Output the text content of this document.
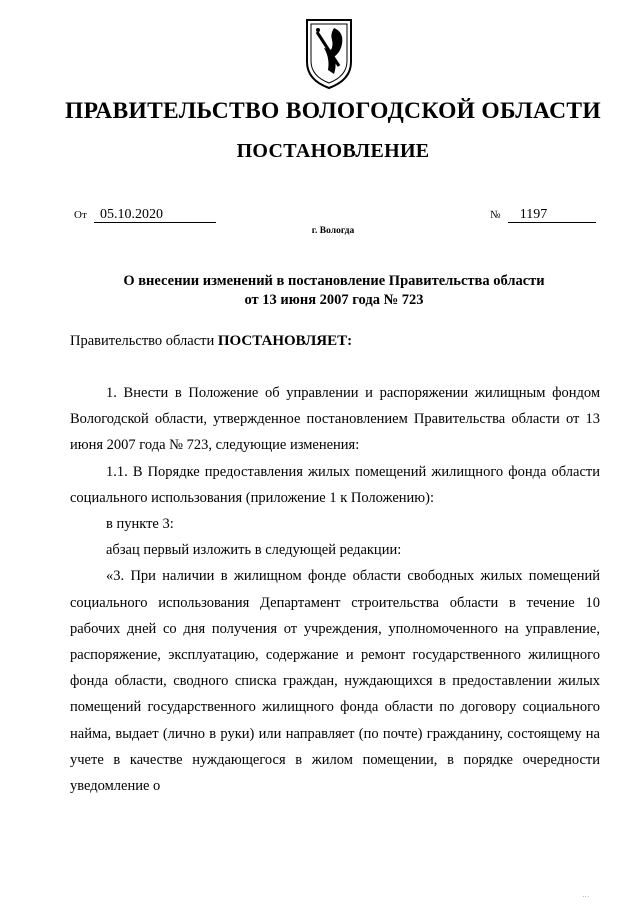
ПРАВИТЕЛЬСТВО ВОЛОГОДСКОЙ ОБЛАСТИ
ПОСТАНОВЛЕНИЕ
От 05.10.2020	№ 1197
г. Вологда
О внесении изменений в постановление Правительства области
от 13 июня 2007 года № 723
Правительство области ПОСТАНОВЛЯЕТ:

1. Внести в Положение об управлении и распоряжении жилищным фондом Вологодской области, утвержденное постановлением Правительства области от 13 июня 2007 года № 723, следующие изменения:

1.1. В Порядке предоставления жилых помещений жилищного фонда области социального использования (приложение 1 к Положению):

в пункте 3:

абзац первый изложить в следующей редакции:

«3. При наличии в жилищном фонде области свободных жилых помещений социального использования Департамент строительства области в течение 10 рабочих дней со дня получения от учреждения, уполномоченного на управление, распоряжение, эксплуатацию, содержание и ремонт государственного жилищного фонда области, сводного списка граждан, нуждающихся в предоставлении жилых помещений государственного жилищного фонда области по договору социального найма, выдает (лично в руки) или направляет (по почте) гражданину, состоящему на учете в качестве нуждающегося в жилом помещении, в порядке очередности уведомление о

...
